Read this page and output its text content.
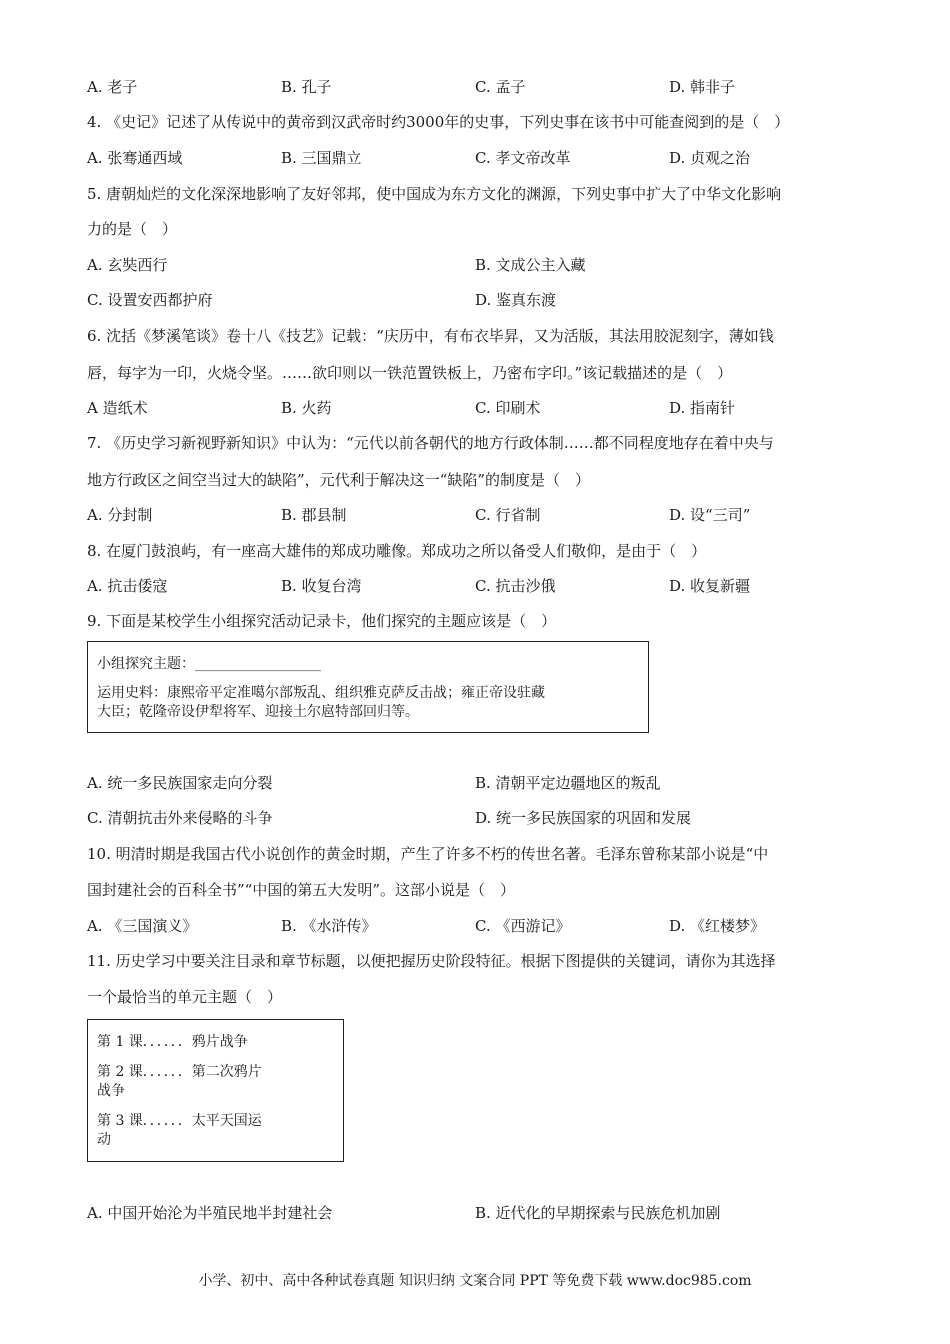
A. 老子	B. 孔子	C. 孟子	D. 韩非子
4. 《史记》记述了从传说中的黄帝到汉武帝时约3000年的史事，下列史事在该书中可能查阅到的是（　）
A. 张骞通西域	B. 三国鼎立	C. 孝文帝改革	D. 贞观之治
5. 唐朝灿烂的文化深深地影响了友好邻邦，使中国成为东方文化的渊源，下列史事中扩大了中华文化影响
力的是（　）
A. 玄奘西行	B. 文成公主入藏
C. 设置安西都护府	D. 鉴真东渡
6. 沈括《梦溪笔谈》卷十八《技艺》记载：“庆历中，有布衣毕昇，又为活版，其法用胶泥刻字，薄如钱
唇，每字为一印，火烧令坚。……欲印则以一铁范置铁板上，乃密布字印。”该记载描述的是（　）
A 造纸术	B. 火药	C. 印刷术	D. 指南针
7. 《历史学习新视野新知识》中认为：“元代以前各朝代的地方行政体制……都不同程度地存在着中央与
地方行政区之间空当过大的缺陷”，元代利于解决这一“缺陷”的制度是（　）
A. 分封制	B. 郡县制	C. 行省制	D. 设“三司”
8. 在厦门鼓浪屿，有一座高大雄伟的郑成功雕像。郑成功之所以备受人们敬仰，是由于（　）
A. 抗击倭寇	B. 收复台湾	C. 抗击沙俄	D. 收复新疆
9. 下面是某校学生小组探究活动记录卡，他们探究的主题应该是（　）
小组探究主题：__________________
运用史料：康熙帝平定准噶尔部叛乱、组织雅克萨反击战；雍正帝设驻藏
大臣；乾隆帝设伊犁将军、迎接土尔扈特部回归等。
A. 统一多民族国家走向分裂	B. 清朝平定边疆地区的叛乱
C. 清朝抗击外来侵略的斗争	D. 统一多民族国家的巩固和发展
10. 明清时期是我国古代小说创作的黄金时期，产生了许多不朽的传世名著。毛泽东曾称某部小说是“中
国封建社会的百科全书”“中国的第五大发明”。这部小说是（　）
A. 《三国演义》	B. 《水浒传》	C. 《西游记》	D. 《红楼梦》
11. 历史学习中要关注目录和章节标题，以便把握历史阶段特征。根据下图提供的关键词，请你为其选择
一个最恰当的单元主题（　）
第 1 课．．．．．．鸦片战争
第 2 课．．．．．．第二次鸦片
战争
第 3 课．．．．．．太平天国运
动
A. 中国开始沦为半殖民地半封建社会	B. 近代化的早期探索与民族危机加剧
小学、初中、高中各种试卷真题 知识归纳 文案合同 PPT 等免费下载 www.doc985.com
